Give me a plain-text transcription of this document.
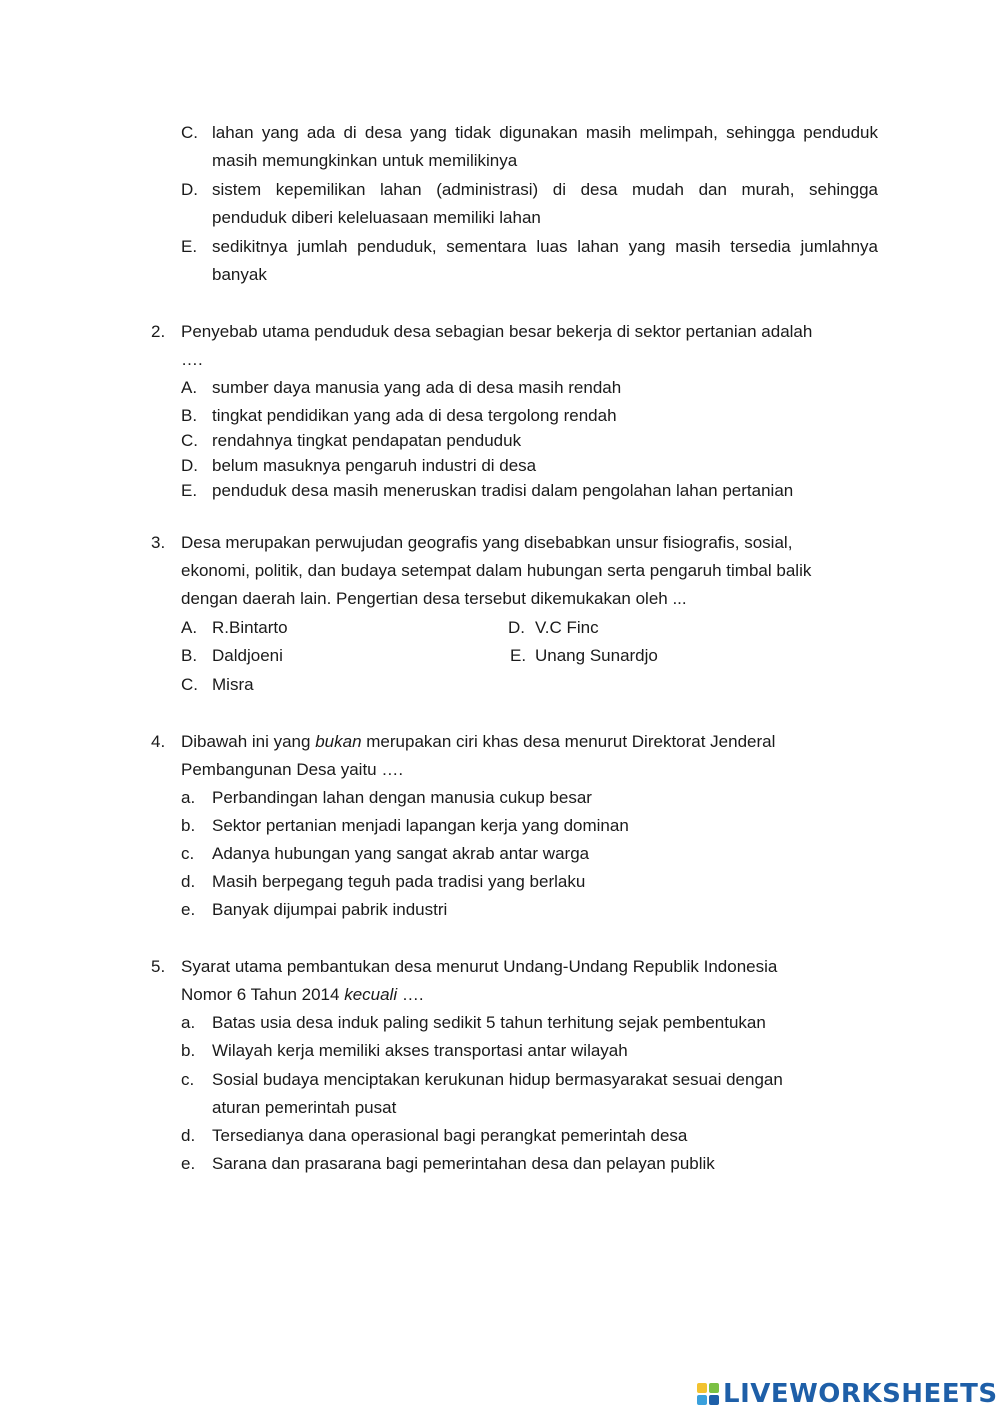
C. lahan yang ada di desa yang tidak digunakan masih melimpah, sehingga penduduk
masih memungkinkan untuk memilikinya
D. sistem kepemilikan lahan (administrasi) di desa mudah dan murah, sehingga
penduduk diberi keleluasaan memiliki lahan
E. sedikitnya jumlah penduduk, sementara luas lahan yang masih tersedia jumlahnya
banyak
2. Penyebab utama penduduk desa sebagian besar bekerja di sektor pertanian adalah
….
A. sumber daya manusia yang ada di desa masih rendah
B. tingkat pendidikan yang ada di desa tergolong rendah
C. rendahnya tingkat pendapatan penduduk
D. belum masuknya pengaruh industri di desa
E. penduduk desa masih meneruskan tradisi dalam pengolahan lahan pertanian
3. Desa merupakan perwujudan geografis yang disebabkan unsur fisiografis, sosial,
ekonomi, politik, dan budaya setempat dalam hubungan serta pengaruh timbal balik
dengan daerah lain. Pengertian desa tersebut dikemukakan oleh ...
A. R.Bintarto
B. Daldjoeni
C. Misra
D. V.C Finc
E. Unang Sunardjo
4. Dibawah ini yang bukan merupakan ciri khas desa menurut Direktorat Jenderal
Pembangunan Desa yaitu ….
a. Perbandingan lahan dengan manusia cukup besar
b. Sektor pertanian menjadi lapangan kerja yang dominan
c. Adanya hubungan yang sangat akrab antar warga
d. Masih berpegang teguh pada tradisi yang berlaku
e. Banyak dijumpai pabrik industri
5. Syarat utama pembantukan desa menurut Undang-Undang Republik Indonesia
Nomor 6 Tahun 2014 kecuali ….
a. Batas usia desa induk paling sedikit 5 tahun terhitung sejak pembentukan
b. Wilayah kerja memiliki akses transportasi antar wilayah
c. Sosial budaya menciptakan kerukunan hidup bermasyarakat sesuai dengan
aturan pemerintah pusat
d. Tersedianya dana operasional bagi perangkat pemerintah desa
e. Sarana dan prasarana bagi pemerintahan desa dan pelayan publik
LIVEWORKSHEETS
